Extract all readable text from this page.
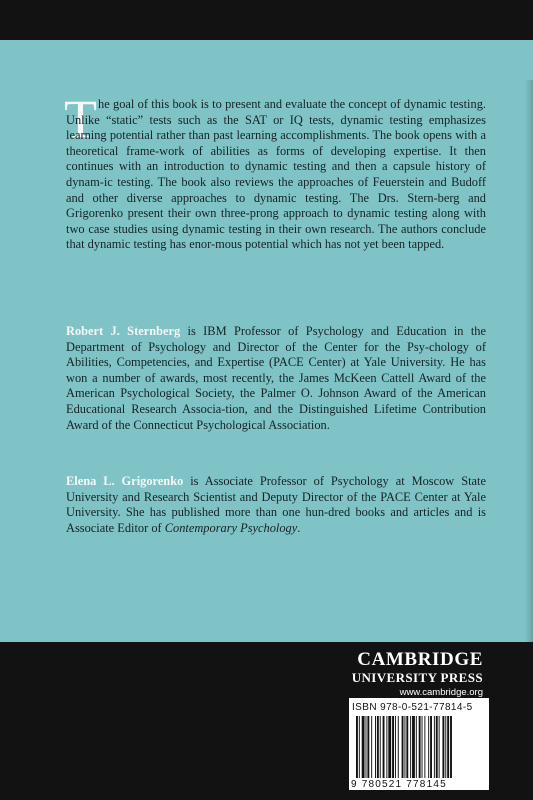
T he goal of this book is to present and evaluate the concept of dynamic testing. Unlike “static” tests such as the SAT or IQ tests, dynamic testing emphasizes learning potential rather than past learning accomplishments. The book opens with a theoretical frame-work of abilities as forms of developing expertise. It then continues with an introduction to dynamic testing and then a capsule history of dynam-ic testing. The book also reviews the approaches of Feuerstein and Budoff and other diverse approaches to dynamic testing. The Drs. Stern-berg and Grigorenko present their own three-prong approach to dynamic testing along with two case studies using dynamic testing in their own research. The authors conclude that dynamic testing has enor-mous potential which has not yet been tapped.

Robert J. Sternberg is IBM Professor of Psychology and Education in the Department of Psychology and Director of the Center for the Psy-chology of Abilities, Competencies, and Expertise (PACE Center) at Yale University. He has won a number of awards, most recently, the James McKeen Cattell Award of the American Psychological Society, the Palmer O. Johnson Award of the American Educational Research Associa-tion, and the Distinguished Lifetime Contribution Award of the Connecticut Psychological Association.

Elena L. Grigorenko is Associate Professor of Psychology at Moscow State University and Research Scientist and Deputy Director of the PACE Center at Yale University. She has published more than one hun-dred books and articles and is Associate Editor of Contemporary Psychology.

CAMBRIDGE
UNIVERSITY PRESS
www.cambridge.org
ISBN 978-0-521-77814-5
9 780521 778145
